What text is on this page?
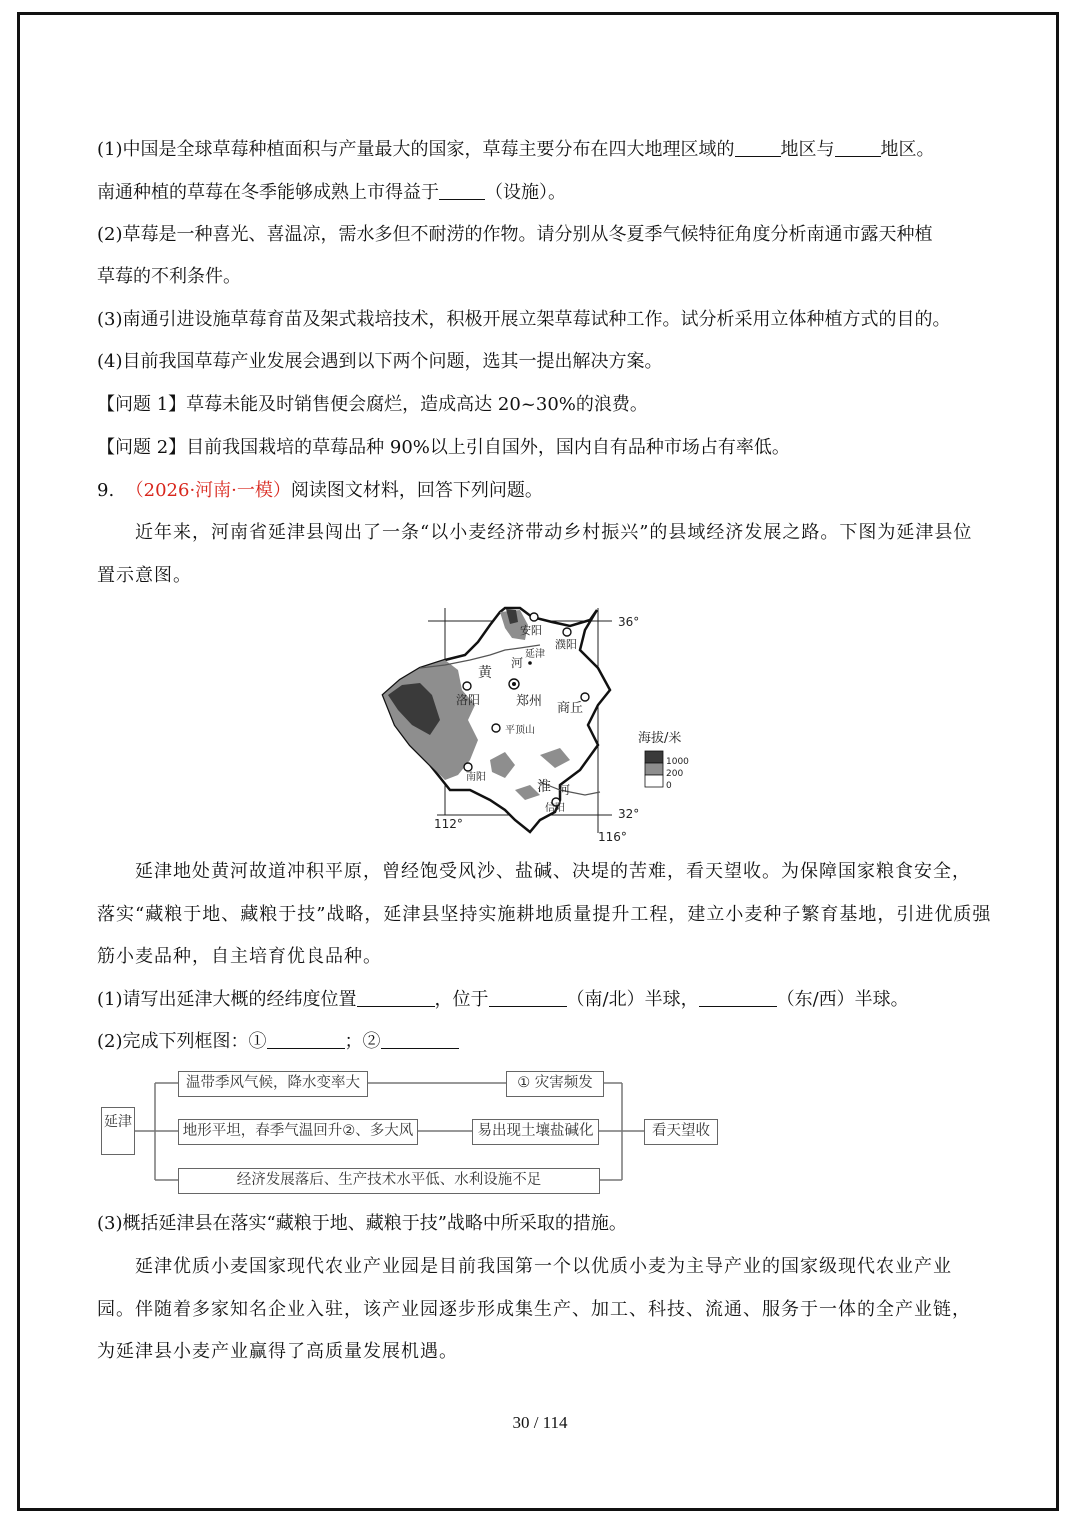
(1)中国是全球草莓种植面积与产量最大的国家，草莓主要分布在四大地理区域的	地区与	地区。
南通种植的草莓在冬季能够成熟上市得益于	（设施）。
(2)草莓是一种喜光、喜温凉，需水多但不耐涝的作物。请分别从冬夏季气候特征角度分析南通市露天种植
草莓的不利条件。
(3)南通引进设施草莓育苗及架式栽培技术，积极开展立架草莓试种工作。试分析采用立体种植方式的目的。
(4)目前我国草莓产业发展会遇到以下两个问题，选其一提出解决方案。
【问题 1】草莓未能及时销售便会腐烂，造成高达 20~30%的浪费。
【问题 2】目前我国栽培的草莓品种 90%以上引自国外，国内自有品种市场占有率低。
9. （2026·河南·一模）阅读图文材料，回答下列问题。
近年来，河南省延津县闯出了一条“以小麦经济带动乡村振兴”的县域经济发展之路。下图为延津县位
置示意图。
安阳
濮阳
延津
洛阳	郑州 商丘
平顶山
南阳
信阳
黄
河
淮 河
36°
32°
112°
116°
海拔/米
1000
200
0
延津地处黄河故道冲积平原，曾经饱受风沙、盐碱、决堤的苦难，看天望收。为保障国家粮食安全，
落实“藏粮于地、藏粮于技”战略，延津县坚持实施耕地质量提升工程，建立小麦种子繁育基地，引进优质强
筋小麦品种，自主培育优良品种。
(1)请写出延津大概的经纬度位置	，位于	（南/北）半球，	（东/西）半球。
(2)完成下列框图：①	；②
延津
温带季风气候，降水变率大	① 灾害频发
地形平坦，春季气温回升②、多大风	易出现土壤盐碱化	看天望收
经济发展落后、生产技术水平低、水利设施不足
(3)概括延津县在落实“藏粮于地、藏粮于技”战略中所采取的措施。
延津优质小麦国家现代农业产业园是目前我国第一个以优质小麦为主导产业的国家级现代农业产业
园。伴随着多家知名企业入驻，该产业园逐步形成集生产、加工、科技、流通、服务于一体的全产业链，
为延津县小麦产业赢得了高质量发展机遇。
30 / 114
